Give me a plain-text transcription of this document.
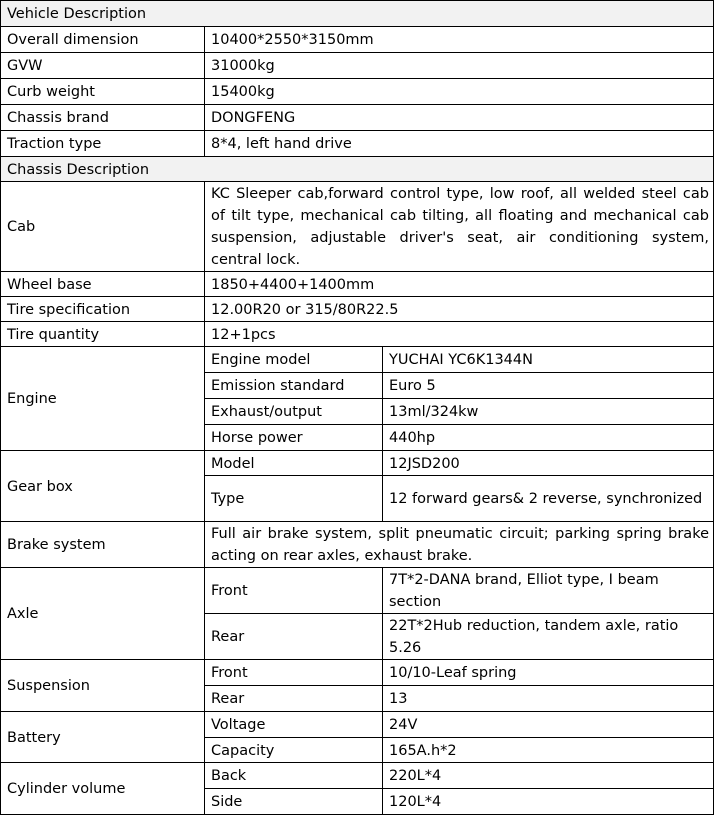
Vehicle Description		
Overall dimension	10400*2550*3150mm	
GVW	31000kg	
Curb weight	15400kg	
Chassis brand	DONGFENG	
Traction type	8*4, left hand drive	
Chassis Description		
Cab	KC Sleeper cab,forward control type, low roof, all welded steel cab of tilt type, mechanical cab tilting, all floating and mechanical cab suspension, adjustable driver's seat, air conditioning system, central lock.	
Wheel base	1850+4400+1400mm	
Tire specification	12.00R20 or 315/80R22.5	
Tire quantity	12+1pcs	
Engine	Engine model	YUCHAI YC6K1344N
	Emission standard	Euro 5
	Exhaust/output	13ml/324kw
	Horse power	440hp
Gear box	Model	12JSD200
	Type	12 forward gears& 2 reverse, synchronized
Brake system	Full air brake system, split pneumatic circuit; parking spring brake acting on rear axles, exhaust brake.	
Axle	Front	7T*2-DANA brand, Elliot type, I beam section
	Rear	22T*2Hub reduction, tandem axle, ratio 5.26
Suspension	Front	10/10-Leaf spring
	Rear	13
Battery	Voltage	24V
	Capacity	165A.h*2
Cylinder volume	Back	220L*4
	Side	120L*4
